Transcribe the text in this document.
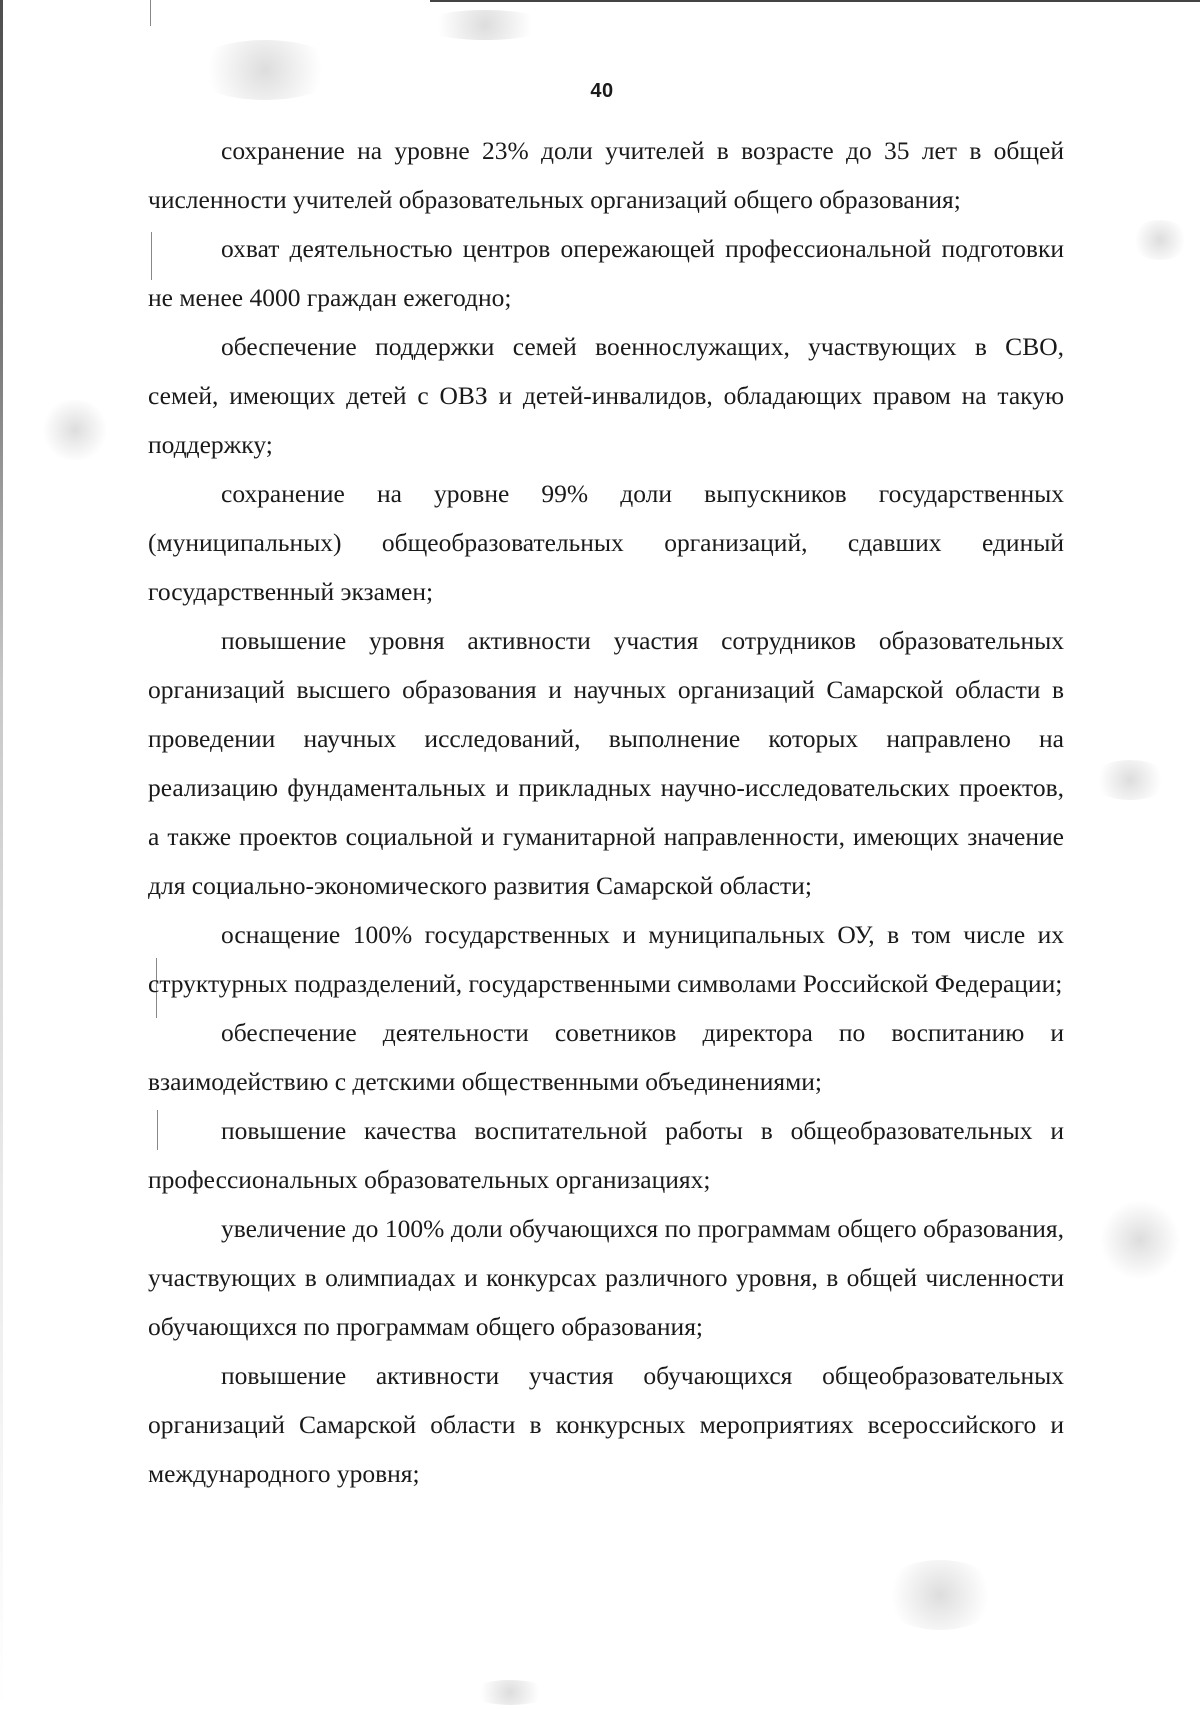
40

сохранение на уровне 23% доли учителей в возрасте до 35 лет в общей численности учителей образовательных организаций общего образования;

охват деятельностью центров опережающей профессиональной подготовки не менее 4000 граждан ежегодно;

обеспечение поддержки семей военнослужащих, участвующих в СВО, семей, имеющих детей с ОВЗ и детей-инвалидов, обладающих правом на такую поддержку;

сохранение на уровне 99% доли выпускников государственных (муниципальных) общеобразовательных организаций, сдавших единый государственный экзамен;

повышение уровня активности участия сотрудников образовательных организаций высшего образования и научных организаций Самарской области в проведении научных исследований, выполнение которых направлено на реализацию фундаментальных и прикладных научно-исследовательских проектов, а также проектов социальной и гуманитарной направленности, имеющих значение для социально-экономического развития Самарской области;

оснащение 100% государственных и муниципальных ОУ, в том числе их структурных подразделений, государственными символами Российской Федерации;

обеспечение деятельности советников директора по воспитанию и взаимодействию с детскими общественными объединениями;

повышение качества воспитательной работы в общеобразовательных и профессиональных образовательных организациях;

увеличение до 100% доли обучающихся по программам общего образования, участвующих в олимпиадах и конкурсах различного уровня, в общей численности обучающихся по программам общего образования;

повышение активности участия обучающихся общеобразовательных организаций Самарской области в конкурсных мероприятиях всероссийского и международного уровня;
